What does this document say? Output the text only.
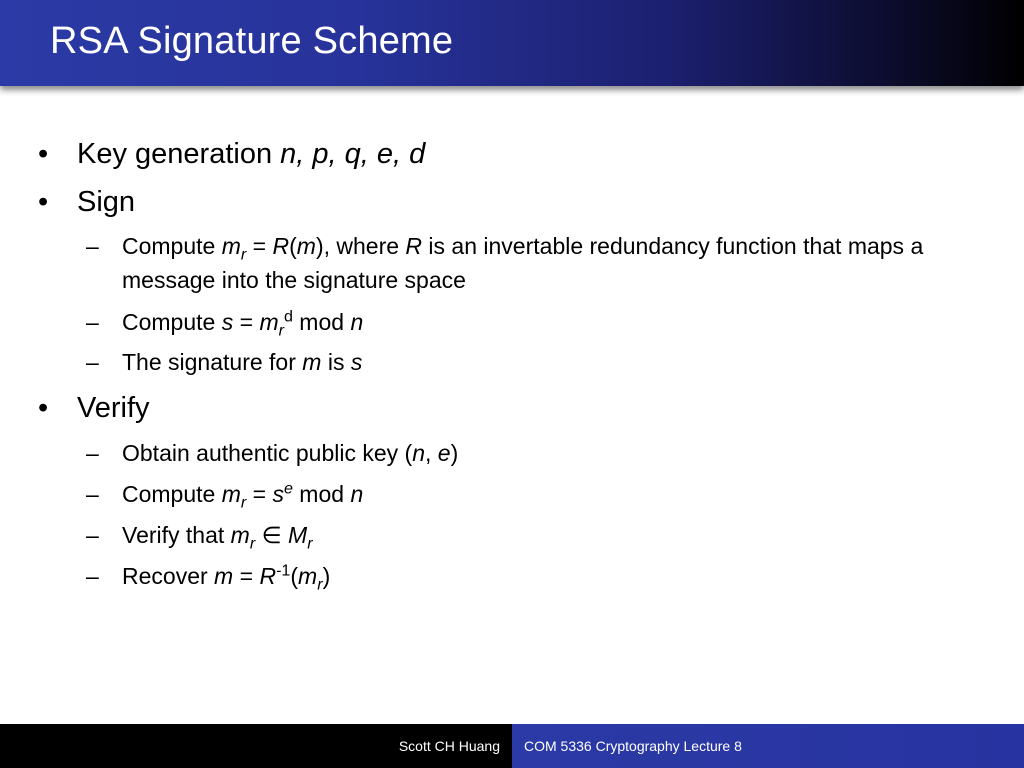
RSA Signature Scheme
• Key generation n, p, q, e, d
• Sign
–	Compute $m_r = R(m)$, where R is an invertable redundancy function that maps a message into the signature space
–	Compute $s = m_r^d$ mod n
–	The signature for m is s
• Verify
–	Obtain authentic public key (n, e)
–	Compute $m_r = s^e$ mod n
–	Verify that $m_r$ ∈ $M_r$
–	Recover $m = R^{-1}(m_r)$
Scott CH Huang	COM 5336 Cryptography Lecture 8
